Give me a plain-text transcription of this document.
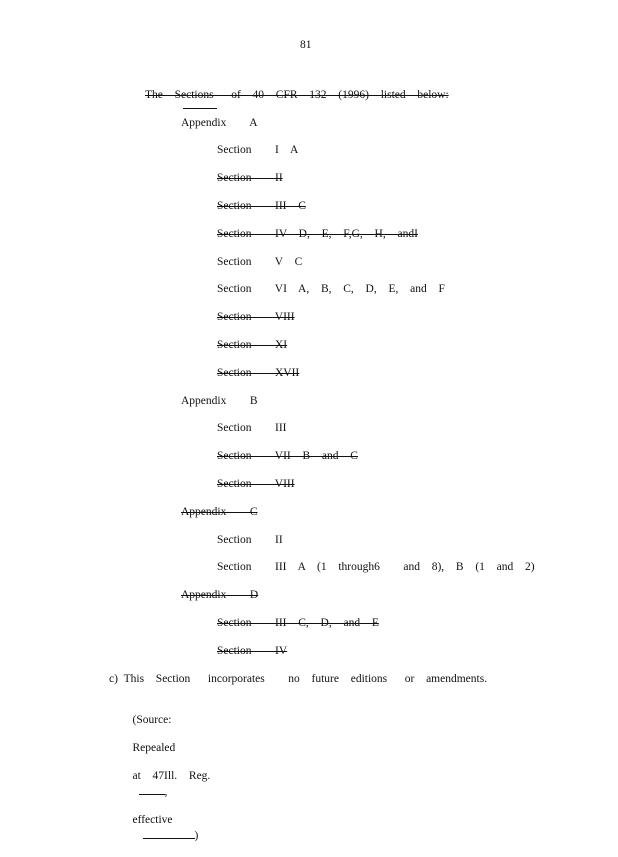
81
The  Sections   of  40  CFR  132  (1996)  listed  below:
Appendix    A
Section    I  A
Section    II
Section    III  C
Section    IV  D,  E,  F,G,  H,  andI
Section    V  C
Section    VI  A,  B,  C,  D,  E,  and  F
Section    VIII
Section    XI
Section    XVII
Appendix    B
Section    III
Section    VII  B  and  C
Section    VIII
Appendix    C
Section    II
Section    III  A  (1  through6    and  8),  B  (1  and  2)
Appendix    D
Section    III  C,  D,  and  E
Section    IV
c) This  Section   incorporates    no  future  editions   or  amendments.

(Source:

Repealed

at  47Ill.  Reg.
,

effective
)
